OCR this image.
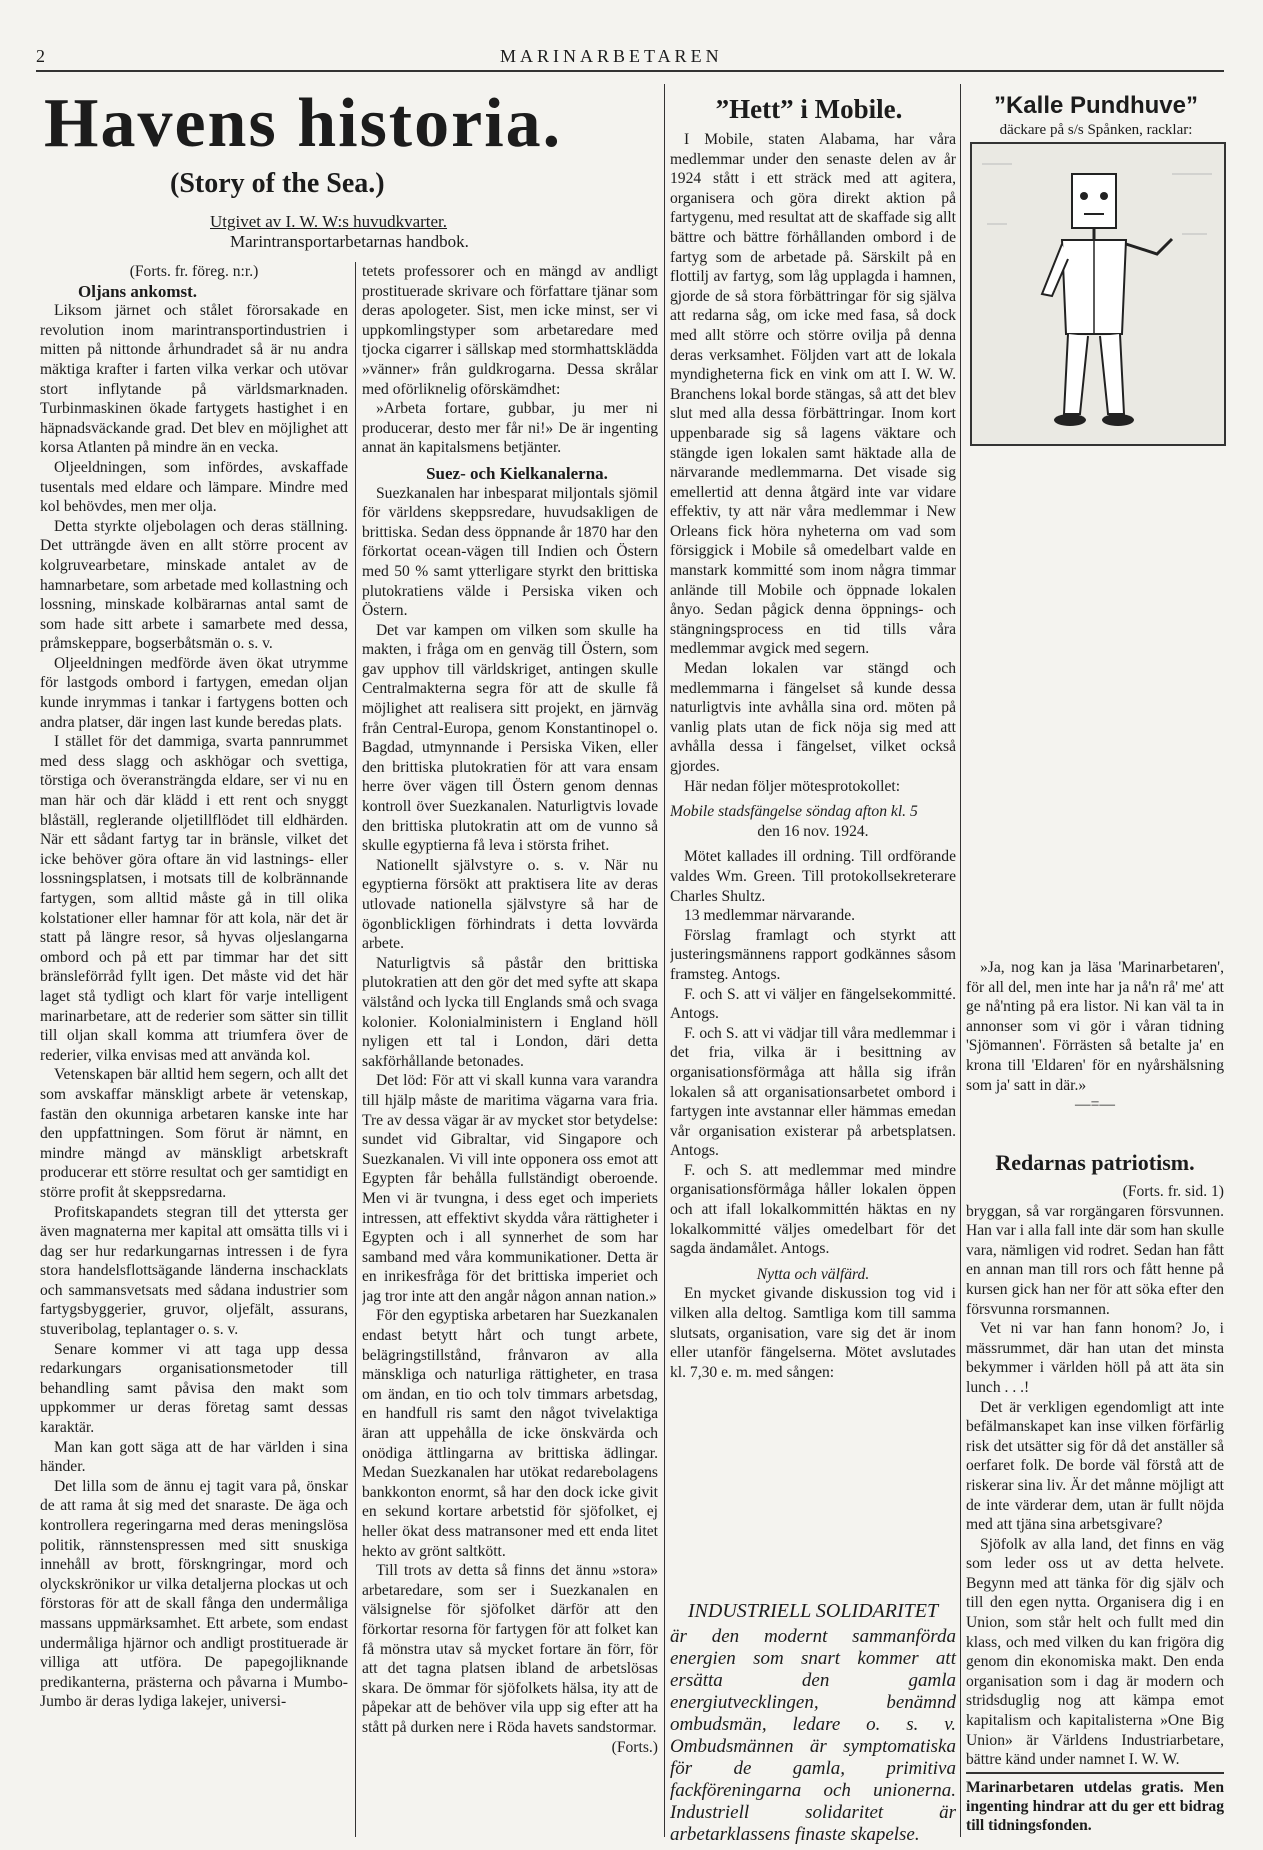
2	MARINARBETAREN
Havens historia.
(Story of the Sea.)
Utgivet av I. W. W:s huvudkvarter.
Marintransportarbetarnas handbok.

(Forts. fr. föreg. n:r.)

Oljans ankomst.

Liksom järnet och stålet förorsakade en revolution inom marintransportindustrien i mitten på nittonde århundradet så är nu andra mäktiga krafter i farten vilka verkar och utövar stort inflytande på världsmarknaden. Turbinmaskinen ökade fartygets hastighet i en häpnadsväckande grad. Det blev en möjlighet att korsa Atlanten på mindre än en vecka.

Oljeeldningen, som infördes, avskaffade tusentals med eldare och lämpare. Mindre med kol behövdes, men mer olja.

Detta styrkte oljebolagen och deras ställning. Det utträngde även en allt större procent av kolgruvearbetare, minskade antalet av de hamnarbetare, som arbetade med kollastning och lossning, minskade kolbärarnas antal samt de som hade sitt arbete i samarbete med dessa, pråmskeppare, bogserbåtsmän o. s. v.

Oljeeldningen medförde även ökat utrymme för lastgods ombord i fartygen, emedan oljan kunde inrymmas i tankar i fartygens botten och andra platser, där ingen last kunde beredas plats.

I stället för det dammiga, svarta pannrummet med dess slagg och askhögar och svettiga, törstiga och överansträngda eldare, ser vi nu en man här och där klädd i ett rent och snyggt blåställ, reglerande oljetillflödet till eldhärden. När ett sådant fartyg tar in bränsle, vilket det icke behöver göra oftare än vid lastnings- eller lossningsplatsen, i motsats till de kolbrännande fartygen, som alltid måste gå in till olika kolstationer eller hamnar för att kola, när det är statt på längre resor, så hyvas oljeslangarna ombord och på ett par timmar har det sitt bränsleförråd fyllt igen. Det måste vid det här laget stå tydligt och klart för varje intelligent marinarbetare, att de rederier som sätter sin tillit till oljan skall komma att triumfera över de rederier, vilka envisas med att använda kol.

Vetenskapen bär alltid hem segern, och allt det som avskaffar mänskligt arbete är vetenskap, fastän den okunniga arbetaren kanske inte har den uppfattningen. Som förut är nämnt, en mindre mängd av mänskligt arbetskraft producerar ett större resultat och ger samtidigt en större profit åt skeppsredarna.

Profitskapandets stegran till det yttersta ger även magnaterna mer kapital att omsätta tills vi i dag ser hur redarkungarnas intressen i de fyra stora handelsflottsägande länderna inschacklats och sammansvetsats med sådana industrier som fartygsbyggerier, gruvor, oljefält, assurans, stuveribolag, teplantager o. s. v.

Senare kommer vi att taga upp dessa redarkungars organisationsmetoder till behandling samt påvisa den makt som uppkommer ur deras företag samt dessas karaktär.

Man kan gott säga att de har världen i sina händer.

Det lilla som de ännu ej tagit vara på, önskar de att rama åt sig med det snaraste. De äga och kontrollera regeringarna med deras meningslösa politik, rännstenspressen med sitt snuskiga innehåll av brott, förskngringar, mord och olyckskrönikor ur vilka detaljerna plockas ut och förstoras för att de skall fånga den undermåliga massans uppmärksamhet. Ett arbete, som endast undermåliga hjärnor och andligt prostituerade är villiga att utföra. De papegojliknande predikanterna, prästerna och påvarna i Mumbo-Jumbo är deras lydiga lakejer, universi-

tetets professorer och en mängd av andligt prostituerade skrivare och författare tjänar som deras apologeter. Sist, men icke minst, ser vi uppkomlingstyper som arbetaredare med tjocka cigarrer i sällskap med stormhattsklädda »vänner» från guldkrogarna. Dessa skrålar med oförliknelig oförskämdhet:

»Arbeta fortare, gubbar, ju mer ni producerar, desto mer får ni!» De är ingenting annat än kapitalsmens betjänter.

Suez- och Kielkanalerna.

Suezkanalen har inbesparat miljontals sjömil för världens skeppsredare, huvudsakligen de brittiska. Sedan dess öppnande år 1870 har den förkortat ocean-vägen till Indien och Östern med 50 % samt ytterligare styrkt den brittiska plutokratiens välde i Persiska viken och Östern.

Det var kampen om vilken som skulle ha makten, i fråga om en genväg till Östern, som gav upphov till världskriget, antingen skulle Centralmakterna segra för att de skulle få möjlighet att realisera sitt projekt, en järnväg från Central-Europa, genom Konstantinopel o. Bagdad, utmynnande i Persiska Viken, eller den brittiska plutokratien för att vara ensam herre över vägen till Östern genom dennas kontroll över Suezkanalen. Naturligtvis lovade den brittiska plutokratin att om de vunno så skulle egyptierna få leva i största frihet.

Nationellt självstyre o. s. v. När nu egyptierna försökt att praktisera lite av deras utlovade nationella självstyre så har de ögonblickligen förhindrats i detta lovvärda arbete.

Naturligtvis så påstår den brittiska plutokratien att den gör det med syfte att skapa välstånd och lycka till Englands små och svaga kolonier. Kolonialministern i England höll nyligen ett tal i London, däri detta sakförhållande betonades.

Det löd: För att vi skall kunna vara varandra till hjälp måste de maritima vägarna vara fria. Tre av dessa vägar är av mycket stor betydelse: sundet vid Gibraltar, vid Singapore och Suezkanalen. Vi vill inte opponera oss emot att Egypten får behålla fullständigt oberoende. Men vi är tvungna, i dess eget och imperiets intressen, att effektivt skydda våra rättigheter i Egypten och i all synnerhet de som har samband med våra kommunikationer. Detta är en inrikesfråga för det brittiska imperiet och jag tror inte att den angår någon annan nation.»

För den egyptiska arbetaren har Suezkanalen endast betytt hårt och tungt arbete, belägringstillstånd, frånvaron av alla mänskliga och naturliga rättigheter, en trasa om ändan, en tio och tolv timmars arbetsdag, en handfull ris samt den något tvivelaktiga äran att uppehålla de icke önskvärda och onödiga ättlingarna av brittiska ädlingar. Medan Suezkanalen har utökat redarebolagens bankkonton enormt, så har den dock icke givit en sekund kortare arbetstid för sjöfolket, ej heller ökat dess matransoner med ett enda litet hekto av grönt saltkött.

Till trots av detta så finns det ännu »stora» arbetaredare, som ser i Suezkanalen en välsignelse för sjöfolket därför att den förkortar resorna för fartygen för att folket kan få mönstra utav så mycket fortare än förr, för att det tagna platsen ibland de arbetslösas skara. De ömmar för sjöfolkets hälsa, ity att de påpekar att de behöver vila upp sig efter att ha stått på durken nere i Röda havets sandstormar.

(Forts.)

”Hett” i Mobile.

I Mobile, staten Alabama, har våra medlemmar under den senaste delen av år 1924 stått i ett sträck med att agitera, organisera och göra direkt aktion på fartygenu, med resultat att de skaffade sig allt bättre och bättre förhållanden ombord i de fartyg som de arbetade på. Särskilt på en flottilj av fartyg, som låg upplagda i hamnen, gjorde de så stora förbättringar för sig själva att redarna såg, om icke med fasa, så dock med allt större och större ovilja på denna deras verksamhet. Följden vart att de lokala myndigheterna fick en vink om att I. W. W. Branchens lokal borde stängas, så att det blev slut med alla dessa förbättringar. Inom kort uppenbarade sig så lagens väktare och stängde igen lokalen samt häktade alla de närvarande medlemmarna. Det visade sig emellertid att denna åtgärd inte var vidare effektiv, ty att när våra medlemmar i New Orleans fick höra nyheterna om vad som försiggick i Mobile så omedelbart valde en manstark kommitté som inom några timmar anlände till Mobile och öppnade lokalen ånyo. Sedan pågick denna öppnings- och stängningsprocess en tid tills våra medlemmar avgick med segern.

Medan lokalen var stängd och medlemmarna i fängelset så kunde dessa naturligtvis inte avhålla sina ord. möten på vanlig plats utan de fick nöja sig med att avhålla dessa i fängelset, vilket också gjordes.

Här nedan följer mötesprotokollet:

Mobile stadsfängelse söndag afton kl. 5

den 16 nov. 1924.

Mötet kallades ill ordning. Till ordförande valdes Wm. Green. Till protokollsekreterare Charles Shultz.

13 medlemmar närvarande.

Förslag framlagt och styrkt att justeringsmännens rapport godkännes såsom framsteg. Antogs.

F. och S. att vi väljer en fängelsekommitté. Antogs.

F. och S. att vi vädjar till våra medlemmar i det fria, vilka är i besittning av organisationsförmåga att hålla sig ifrån lokalen så att organisationsarbetet ombord i fartygen inte avstannar eller hämmas emedan vår organisation existerar på arbetsplatsen. Antogs.

F. och S. att medlemmar med mindre organisationsförmåga håller lokalen öppen och att ifall lokalkommittén häktas en ny lokalkommitté väljes omedelbart för det sagda ändamålet. Antogs.

Nytta och välfärd.

En mycket givande diskussion tog vid i vilken alla deltog. Samtliga kom till samma slutsats, organisation, vare sig det är inom eller utanför fängelserna. Mötet avslutades kl. 7,30 e. m. med sången:

INDUSTRIELL SOLIDARITET
är den modernt sammanförda energien som snart kommer att ersätta den gamla energiutvecklingen, benämnd ombudsmän, ledare o. s. v. Ombudsmännen är symptomatiska för de gamla, primitiva fackföreningarna och unionerna. Industriell solidaritet är arbetarklassens finaste skapelse.
”Kalle Pundhuve”
däckare på s/s Spånken, racklar:

»Ja, nog kan ja läsa 'Marinarbetaren', för all del, men inte har ja nå'n rå' me' att ge nå'nting på era listor. Ni kan väl ta in annonser som vi gör i våran tidning 'Sjömannen'. Förrästen så betalte ja' en krona till 'Eldaren' för en nyårshälsning som ja' satt in där.»

—=—

Redarnas patriotism.

(Forts. fr. sid. 1)

bryggan, så var rorgängaren försvunnen. Han var i alla fall inte där som han skulle vara, nämligen vid rodret. Sedan han fått en annan man till rors och fått henne på kursen gick han ner för att söka efter den försvunna rorsmannen.

Vet ni var han fann honom? Jo, i mässrummet, där han utan det minsta bekymmer i världen höll på att äta sin lunch . . .!

Det är verkligen egendomligt att inte befälmanskapet kan inse vilken förfärlig risk det utsätter sig för då det anställer så oerfaret folk. De borde väl förstå att de riskerar sina liv. Är det månne möjligt att de inte värderar dem, utan är fullt nöjda med att tjäna sina arbetsgivare?

Sjöfolk av alla land, det finns en väg som leder oss ut av detta helvete. Begynn med att tänka för dig själv och till den egen nytta. Organisera dig i en Union, som står helt och fullt med din klass, och med vilken du kan frigöra dig genom din ekonomiska makt. Den enda organisation som i dag är modern och stridsduglig nog att kämpa emot kapitalism och kapitalisterna »One Big Union» är Världens Industriarbetare, bättre känd under namnet I. W. W.

Marinarbetaren utdelas gratis. Men ingenting hindrar att du ger ett bidrag till tidningsfonden.
